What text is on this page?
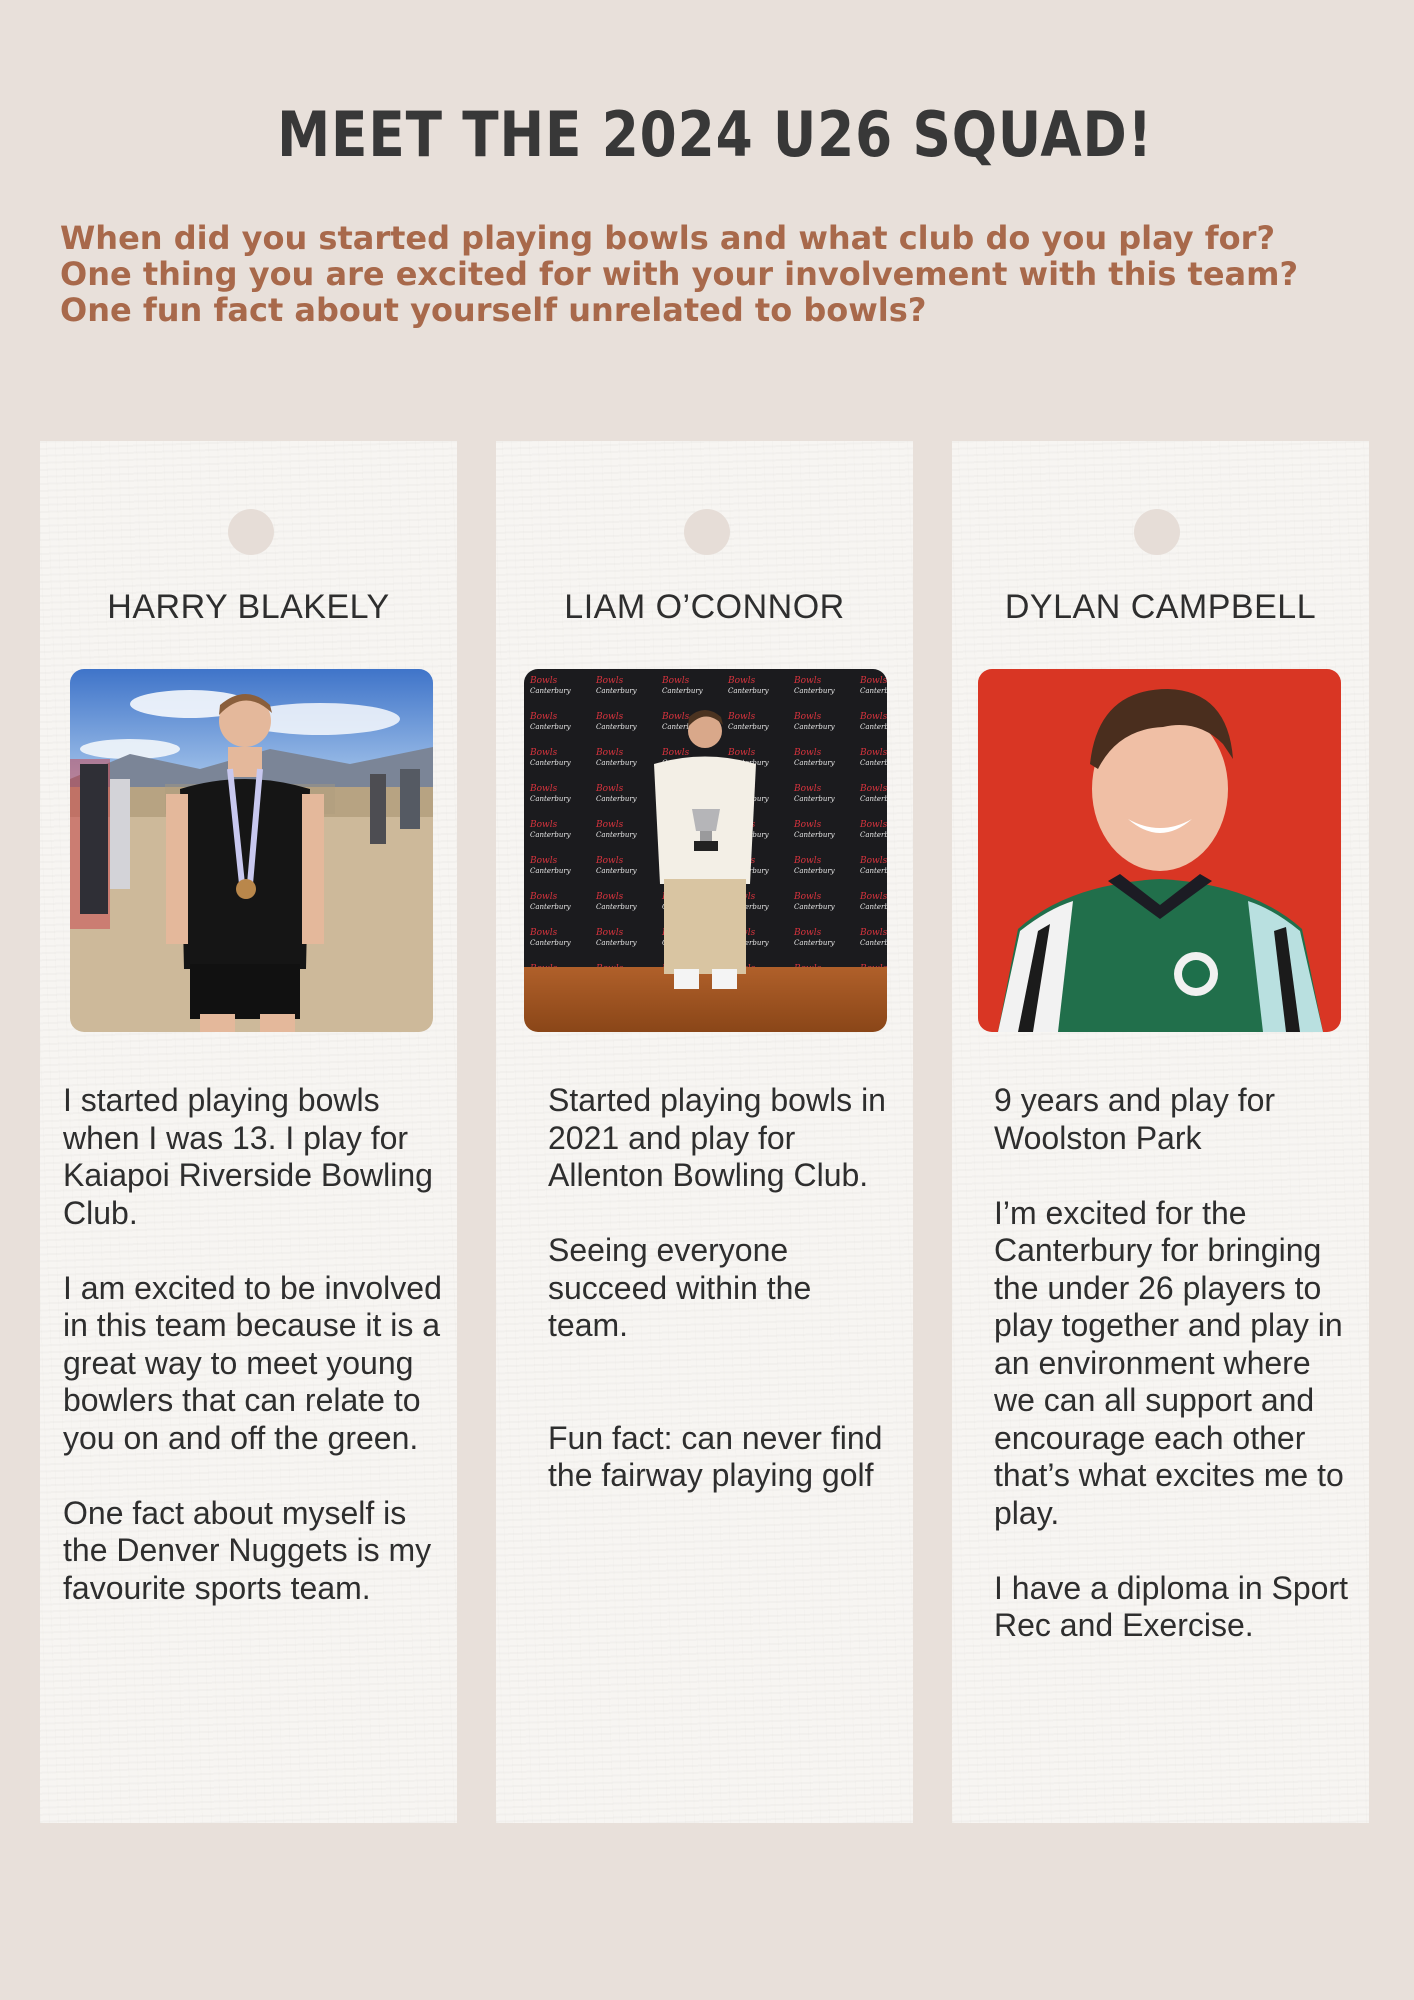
MEET THE 2024 U26 SQUAD!
When did you started playing bowls and what club do you play for?
One thing you are excited for with your involvement with this team?
One fun fact about yourself unrelated to bowls?
HARRY BLAKELY

I started playing bowls when I was 13. I play for Kaiapoi Riverside Bowling Club.

I am excited to be involved in this team because it is a great way to meet young bowlers that can relate to you on and off the green.

One fact about myself is the Denver Nuggets is my favourite sports team.

LIAM O’CONNOR

Started playing bowls in 2021 and play for Allenton Bowling Club.

Seeing everyone succeed within the team.

Fun fact: can never find the fairway playing golf

DYLAN CAMPBELL

9 years and play for Woolston Park

I’m excited for the Canterbury for bringing the under 26 players to play together and play in an environment where we can all support and encourage each other that’s what excites me to play.

I have a diploma in Sport Rec and Exercise.
